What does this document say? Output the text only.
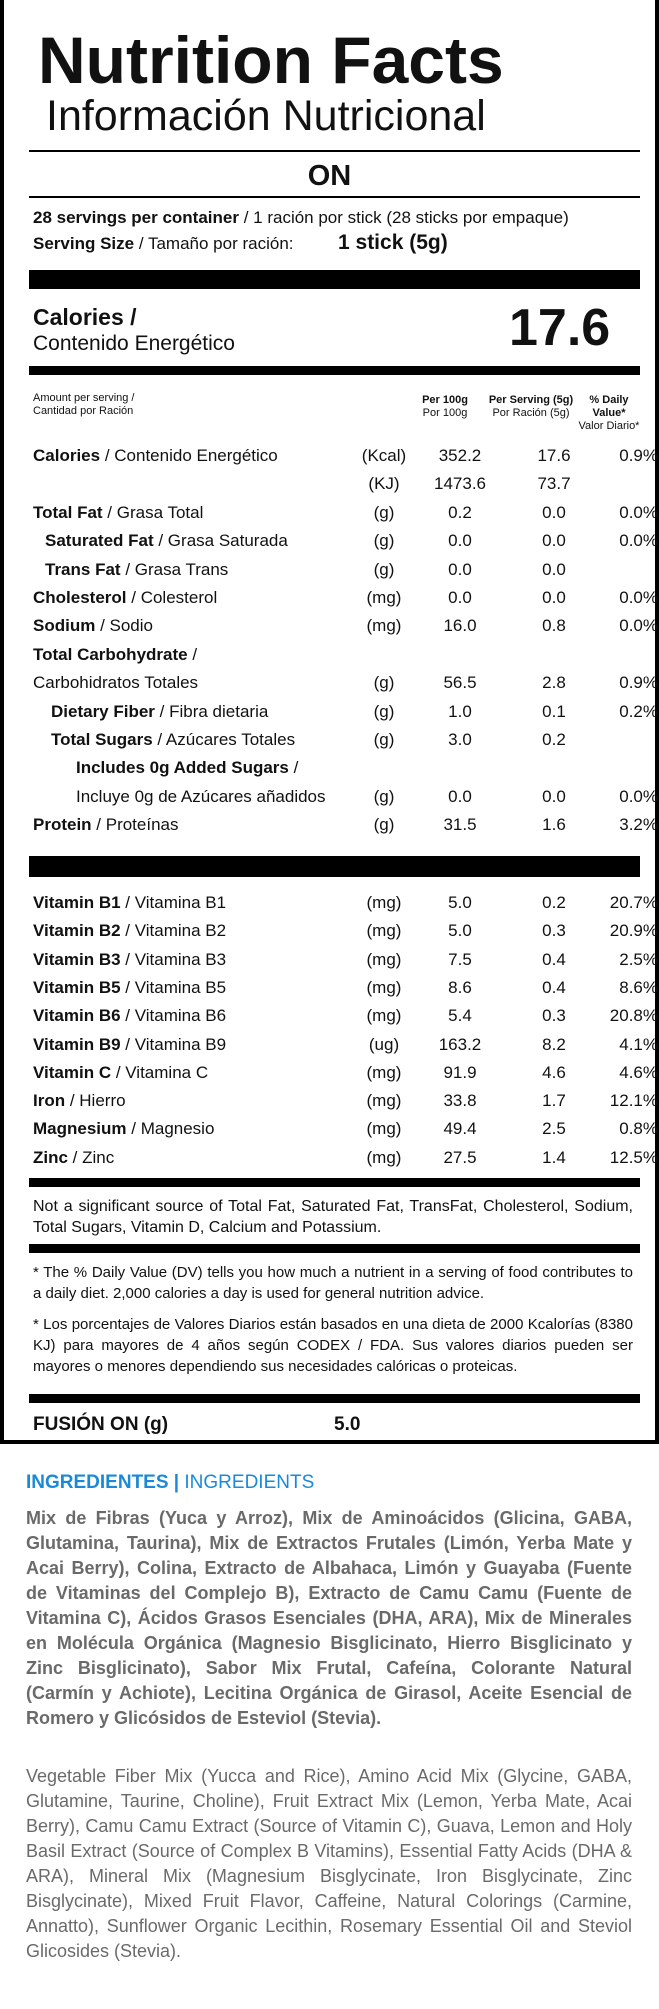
Nutrition Facts
Información Nutricional
ON
28 servings per container / 1 ración por stick (28 sticks por empaque)
Serving Size / Tamaño por ración: 1 stick (5g)
Calories /
Contenido Energético	17.6
Amount per serving /
Cantidad por Ración
Per 100g
Por 100g
Per Serving (5g)
Por Ración (5g)
% Daily
Value*
Valor Diario*
Calories / Contenido Energético	(Kcal)	352.2	17.6	0.9%
(KJ)	1473.6	73.7
Total Fat / Grasa Total	(g)	0.2	0.0	0.0%
Saturated Fat / Grasa Saturada	(g)	0.0	0.0	0.0%
Trans Fat / Grasa Trans	(g)	0.0	0.0
Cholesterol / Colesterol	(mg)	0.0	0.0	0.0%
Sodium / Sodio	(mg)	16.0	0.8	0.0%
Total Carbohydrate /
Carbohidratos Totales	(g)	56.5	2.8	0.9%
Dietary Fiber / Fibra dietaria	(g)	1.0	0.1	0.2%
Total Sugars / Azúcares Totales	(g)	3.0	0.2
Includes 0g Added Sugars /
Incluye 0g de Azúcares añadidos	(g)	0.0	0.0	0.0%
Protein / Proteínas	(g)	31.5	1.6	3.2%
Vitamin B1 / Vitamina B1	(mg)	5.0	0.2	20.7%
Vitamin B2 / Vitamina B2	(mg)	5.0	0.3	20.9%
Vitamin B3 / Vitamina B3	(mg)	7.5	0.4	2.5%
Vitamin B5 / Vitamina B5	(mg)	8.6	0.4	8.6%
Vitamin B6 / Vitamina B6	(mg)	5.4	0.3	20.8%
Vitamin B9 / Vitamina B9	(ug)	163.2	8.2	4.1%
Vitamin C / Vitamina C	(mg)	91.9	4.6	4.6%
Iron / Hierro	(mg)	33.8	1.7	12.1%
Magnesium / Magnesio	(mg)	49.4	2.5	0.8%
Zinc / Zinc	(mg)	27.5	1.4	12.5%
Not a significant source of Total Fat, Saturated Fat, TransFat, Cholesterol, Sodium, Total Sugars, Vitamin D, Calcium and Potassium.
* The % Daily Value (DV) tells you how much a nutrient in a serving of food contributes to a daily diet. 2,000 calories a day is used for general nutrition advice.
* Los porcentajes de Valores Diarios están basados en una dieta de 2000 Kcalorías (8380 KJ) para mayores de 4 años según CODEX / FDA. Sus valores diarios pueden ser mayores o menores dependiendo sus necesidades calóricas o proteicas.
FUSIÓN ON (g)	5.0
INGREDIENTES | INGREDIENTS
Mix de Fibras (Yuca y Arroz), Mix de Aminoácidos (Glicina, GABA, Glutamina, Taurina), Mix de Extractos Frutales (Limón, Yerba Mate y Acai Berry), Colina, Extracto de Albahaca, Limón y Guayaba (Fuente de Vitaminas del Complejo B), Extracto de Camu Camu (Fuente de Vitamina C), Ácidos Grasos Esenciales (DHA, ARA), Mix de Minerales en Molécula Orgánica (Magnesio Bisglicinato, Hierro Bisglicinato y Zinc Bisglicinato), Sabor Mix Frutal, Cafeína, Colorante Natural (Carmín y Achiote), Lecitina Orgánica de Girasol, Aceite Esencial de Romero y Glicósidos de Esteviol (Stevia).
Vegetable Fiber Mix (Yucca and Rice), Amino Acid Mix (Glycine, GABA, Glutamine, Taurine, Choline), Fruit Extract Mix (Lemon, Yerba Mate, Acai Berry), Camu Camu Extract (Source of Vitamin C), Guava, Lemon and Holy Basil Extract (Source of Complex B Vitamins), Essential Fatty Acids (DHA & ARA), Mineral Mix (Magnesium Bisglycinate, Iron Bisglycinate, Zinc Bisglycinate), Mixed Fruit Flavor, Caffeine, Natural Colorings (Carmine, Annatto), Sunflower Organic Lecithin, Rosemary Essential Oil and Steviol Glicosides (Stevia).
